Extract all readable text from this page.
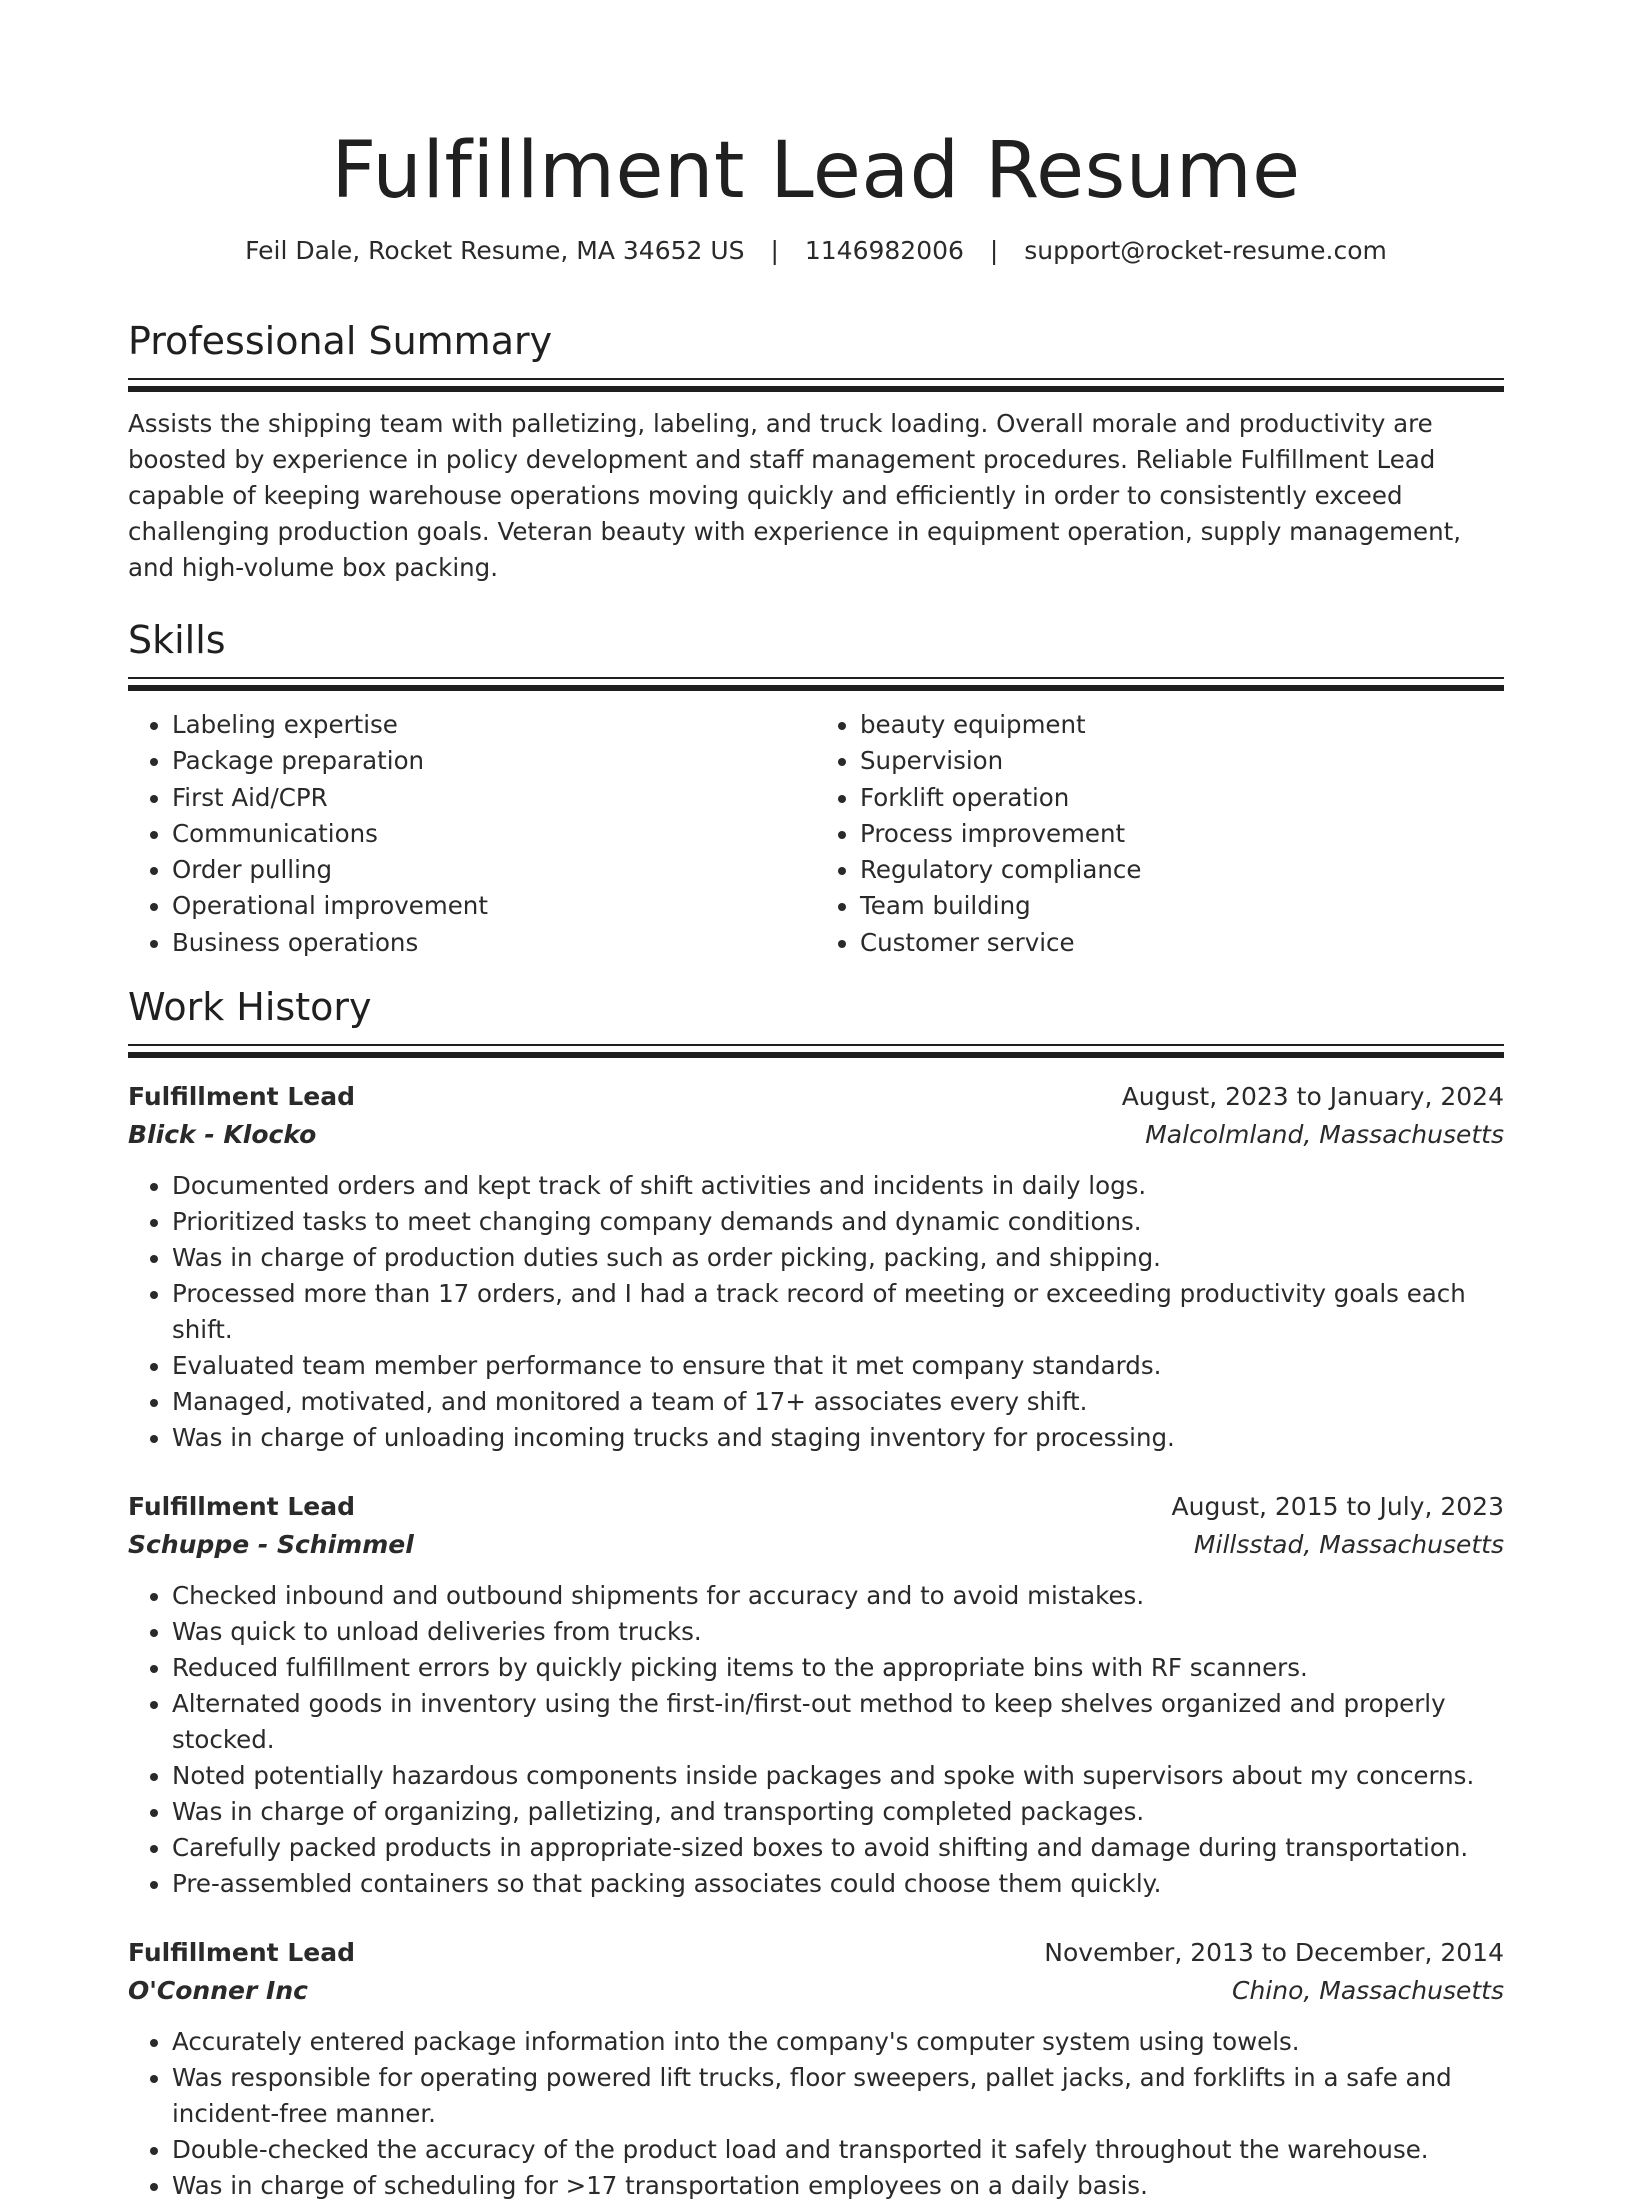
Fulfillment Lead Resume
Feil Dale, Rocket Resume, MA 34652 US | 1146982006 | support@rocket-resume.com
Professional Summary

Assists the shipping team with palletizing, labeling, and truck loading. Overall morale and productivity are boosted by experience in policy development and staff management procedures. Reliable Fulfillment Lead capable of keeping warehouse operations moving quickly and efficiently in order to consistently exceed challenging production goals. Veteran beauty with experience in equipment operation, supply management, and high-volume box packing.

Skills
• Labeling expertise
• Package preparation
• First Aid/CPR
• Communications
• Order pulling
• Operational improvement
• Business operations
• beauty equipment
• Supervision
• Forklift operation
• Process improvement
• Regulatory compliance
• Team building
• Customer service
Work History
Fulfillment Lead	August, 2023 to January, 2024
Blick - Klocko	Malcolmland, Massachusetts
• Documented orders and kept track of shift activities and incidents in daily logs.
• Prioritized tasks to meet changing company demands and dynamic conditions.
• Was in charge of production duties such as order picking, packing, and shipping.
• Processed more than 17 orders, and I had a track record of meeting or exceeding productivity goals each shift.
• Evaluated team member performance to ensure that it met company standards.
• Managed, motivated, and monitored a team of 17+ associates every shift.
• Was in charge of unloading incoming trucks and staging inventory for processing.
Fulfillment Lead	August, 2015 to July, 2023
Schuppe - Schimmel	Millsstad, Massachusetts
• Checked inbound and outbound shipments for accuracy and to avoid mistakes.
• Was quick to unload deliveries from trucks.
• Reduced fulfillment errors by quickly picking items to the appropriate bins with RF scanners.
• Alternated goods in inventory using the first-in/first-out method to keep shelves organized and properly stocked.
• Noted potentially hazardous components inside packages and spoke with supervisors about my concerns.
• Was in charge of organizing, palletizing, and transporting completed packages.
• Carefully packed products in appropriate-sized boxes to avoid shifting and damage during transportation.
• Pre-assembled containers so that packing associates could choose them quickly.
Fulfillment Lead	November, 2013 to December, 2014
O'Conner Inc	Chino, Massachusetts
• Accurately entered package information into the company's computer system using towels.
• Was responsible for operating powered lift trucks, floor sweepers, pallet jacks, and forklifts in a safe and incident-free manner.
• Double-checked the accuracy of the product load and transported it safely throughout the warehouse.
• Was in charge of scheduling for >17 transportation employees on a daily basis.
